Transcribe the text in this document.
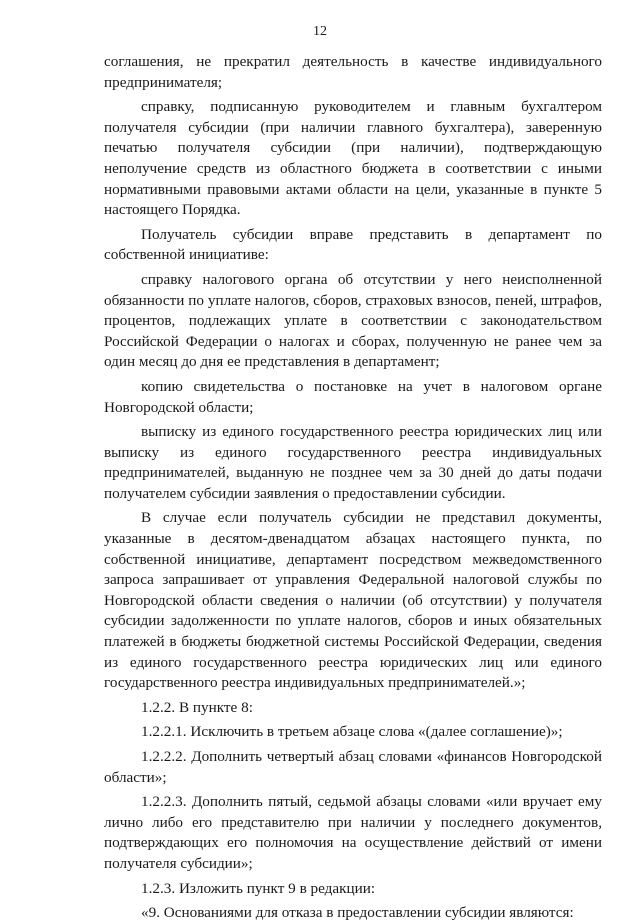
12

соглашения, не прекратил деятельность в качестве индивидуального предпринимателя;

справку, подписанную руководителем и главным бухгалтером получателя субсидии (при наличии главного бухгалтера), заверенную печатью получателя субсидии (при наличии), подтверждающую неполучение средств из областного бюджета в соответствии с иными нормативными правовыми актами области на цели, указанные в пункте 5 настоящего Порядка.

Получатель субсидии вправе представить в департамент по собственной инициативе:

справку налогового органа об отсутствии у него неисполненной обязанности по уплате налогов, сборов, страховых взносов, пеней, штрафов, процентов, подлежащих уплате в соответствии с законодательством Российской Федерации о налогах и сборах, полученную не ранее чем за один месяц до дня ее представления в департамент;

копию свидетельства о постановке на учет в налоговом органе Новгородской области;

выписку из единого государственного реестра юридических лиц или выписку из единого государственного реестра индивидуальных предпринимателей, выданную не позднее чем за 30 дней до даты подачи получателем субсидии заявления о предоставлении субсидии.

В случае если получатель субсидии не представил документы, указанные в десятом-двенадцатом абзацах настоящего пункта, по собственной инициативе, департамент посредством межведомственного запроса запрашивает от управления Федеральной налоговой службы по Новгородской области сведения о наличии (об отсутствии) у получателя субсидии задолженности по уплате налогов, сборов и иных обязательных платежей в бюджеты бюджетной системы Российской Федерации, сведения из единого государственного реестра юридических лиц или единого государственного реестра индивидуальных предпринимателей.»;

1.2.2. В пункте 8:

1.2.2.1. Исключить в третьем абзаце слова «(далее соглашение)»;

1.2.2.2. Дополнить четвертый абзац словами «финансов Новгородской области»;

1.2.2.3. Дополнить пятый, седьмой абзацы словами «или вручает ему лично либо его представителю при наличии у последнего документов, подтверждающих его полномочия на осуществление действий от имени получателя субсидии»;

1.2.3. Изложить пункт 9 в редакции:

«9. Основаниями для отказа в предоставлении субсидии являются:
